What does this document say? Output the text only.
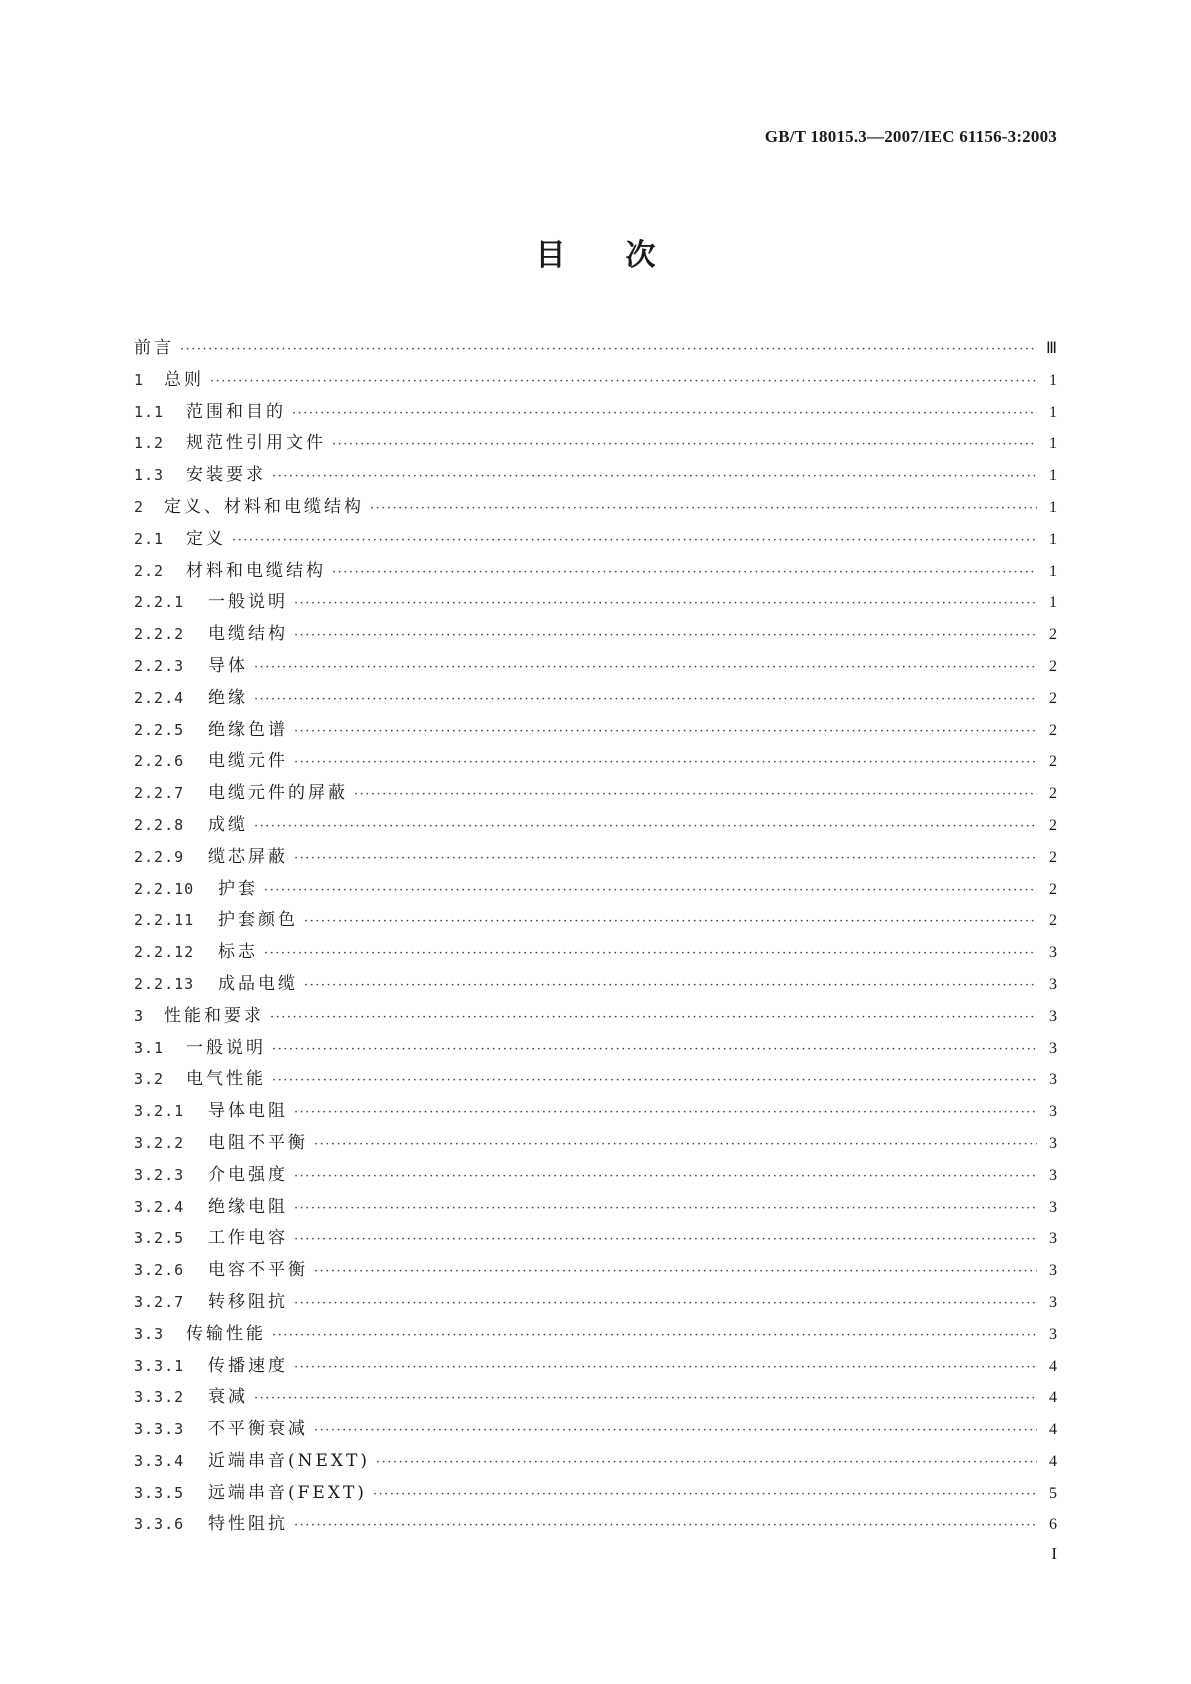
GB/T 18015.3—2007/IEC 61156-3:2003
目　　次
前言 ·····	Ⅲ
1	总则 ·····	1
1.1	范围和目的 ·····	1
1.2	规范性引用文件 ·····	1
1.3	安装要求 ·····	1
2	定义、材料和电缆结构 ·····	1
2.1	定义 ·····	1
2.2	材料和电缆结构 ·····	1
2.2.1	一般说明 ·····	1
2.2.2	电缆结构 ·····	2
2.2.3	导体 ·····	2
2.2.4	绝缘 ·····	2
2.2.5	绝缘色谱 ·····	2
2.2.6	电缆元件 ·····	2
2.2.7	电缆元件的屏蔽 ·····	2
2.2.8	成缆 ·····	2
2.2.9	缆芯屏蔽 ·····	2
2.2.10	护套 ·····	2
2.2.11	护套颜色 ·····	2
2.2.12	标志 ·····	3
2.2.13	成品电缆 ·····	3
3	性能和要求 ·····	3
3.1	一般说明 ·····	3
3.2	电气性能 ·····	3
3.2.1	导体电阻 ·····	3
3.2.2	电阻不平衡 ·····	3
3.2.3	介电强度 ·····	3
3.2.4	绝缘电阻 ·····	3
3.2.5	工作电容 ·····	3
3.2.6	电容不平衡 ·····	3
3.2.7	转移阻抗 ·····	3
3.3	传输性能 ·····	3
3.3.1	传播速度 ·····	4
3.3.2	衰减 ·····	4
3.3.3	不平衡衰减 ·····	4
3.3.4	近端串音(NEXT) ·····	4
3.3.5	远端串音(FEXT) ·····	5
3.3.6	特性阻抗 ·····	6
I
